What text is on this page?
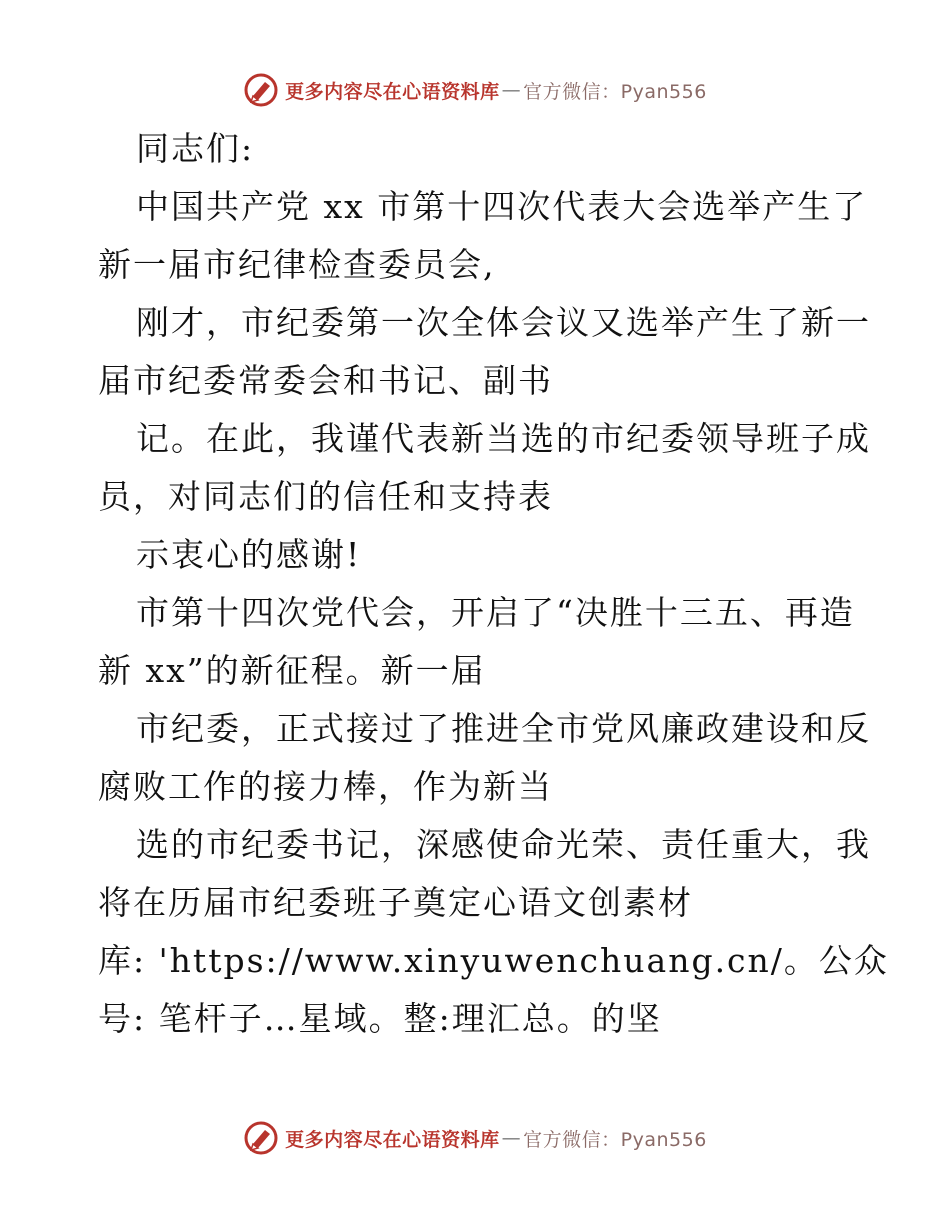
更多内容尽在心语资料库 — 官方微信：Pyan556
同志们:
中国共产党 xx 市第十四次代表大会选举产生了
新一届市纪律检查委员会,
刚才，市纪委第一次全体会议又选举产生了新一
届市纪委常委会和书记、副书
记。在此，我谨代表新当选的市纪委领导班子成
员，对同志们的信任和支持表
示衷心的感谢!
市第十四次党代会，开启了“决胜十三五、再造
新 xx”的新征程。新一届
市纪委，正式接过了推进全市党风廉政建设和反
腐败工作的接力棒，作为新当
选的市纪委书记，深感使命光荣、责任重大，我
将在历届市纪委班子奠定心语文创素材
库: 'https://www.xinyuwenchuang.cn/。公众
号: 笔杆子…星域。整:理汇总。的坚
更多内容尽在心语资料库 — 官方微信：Pyan556
